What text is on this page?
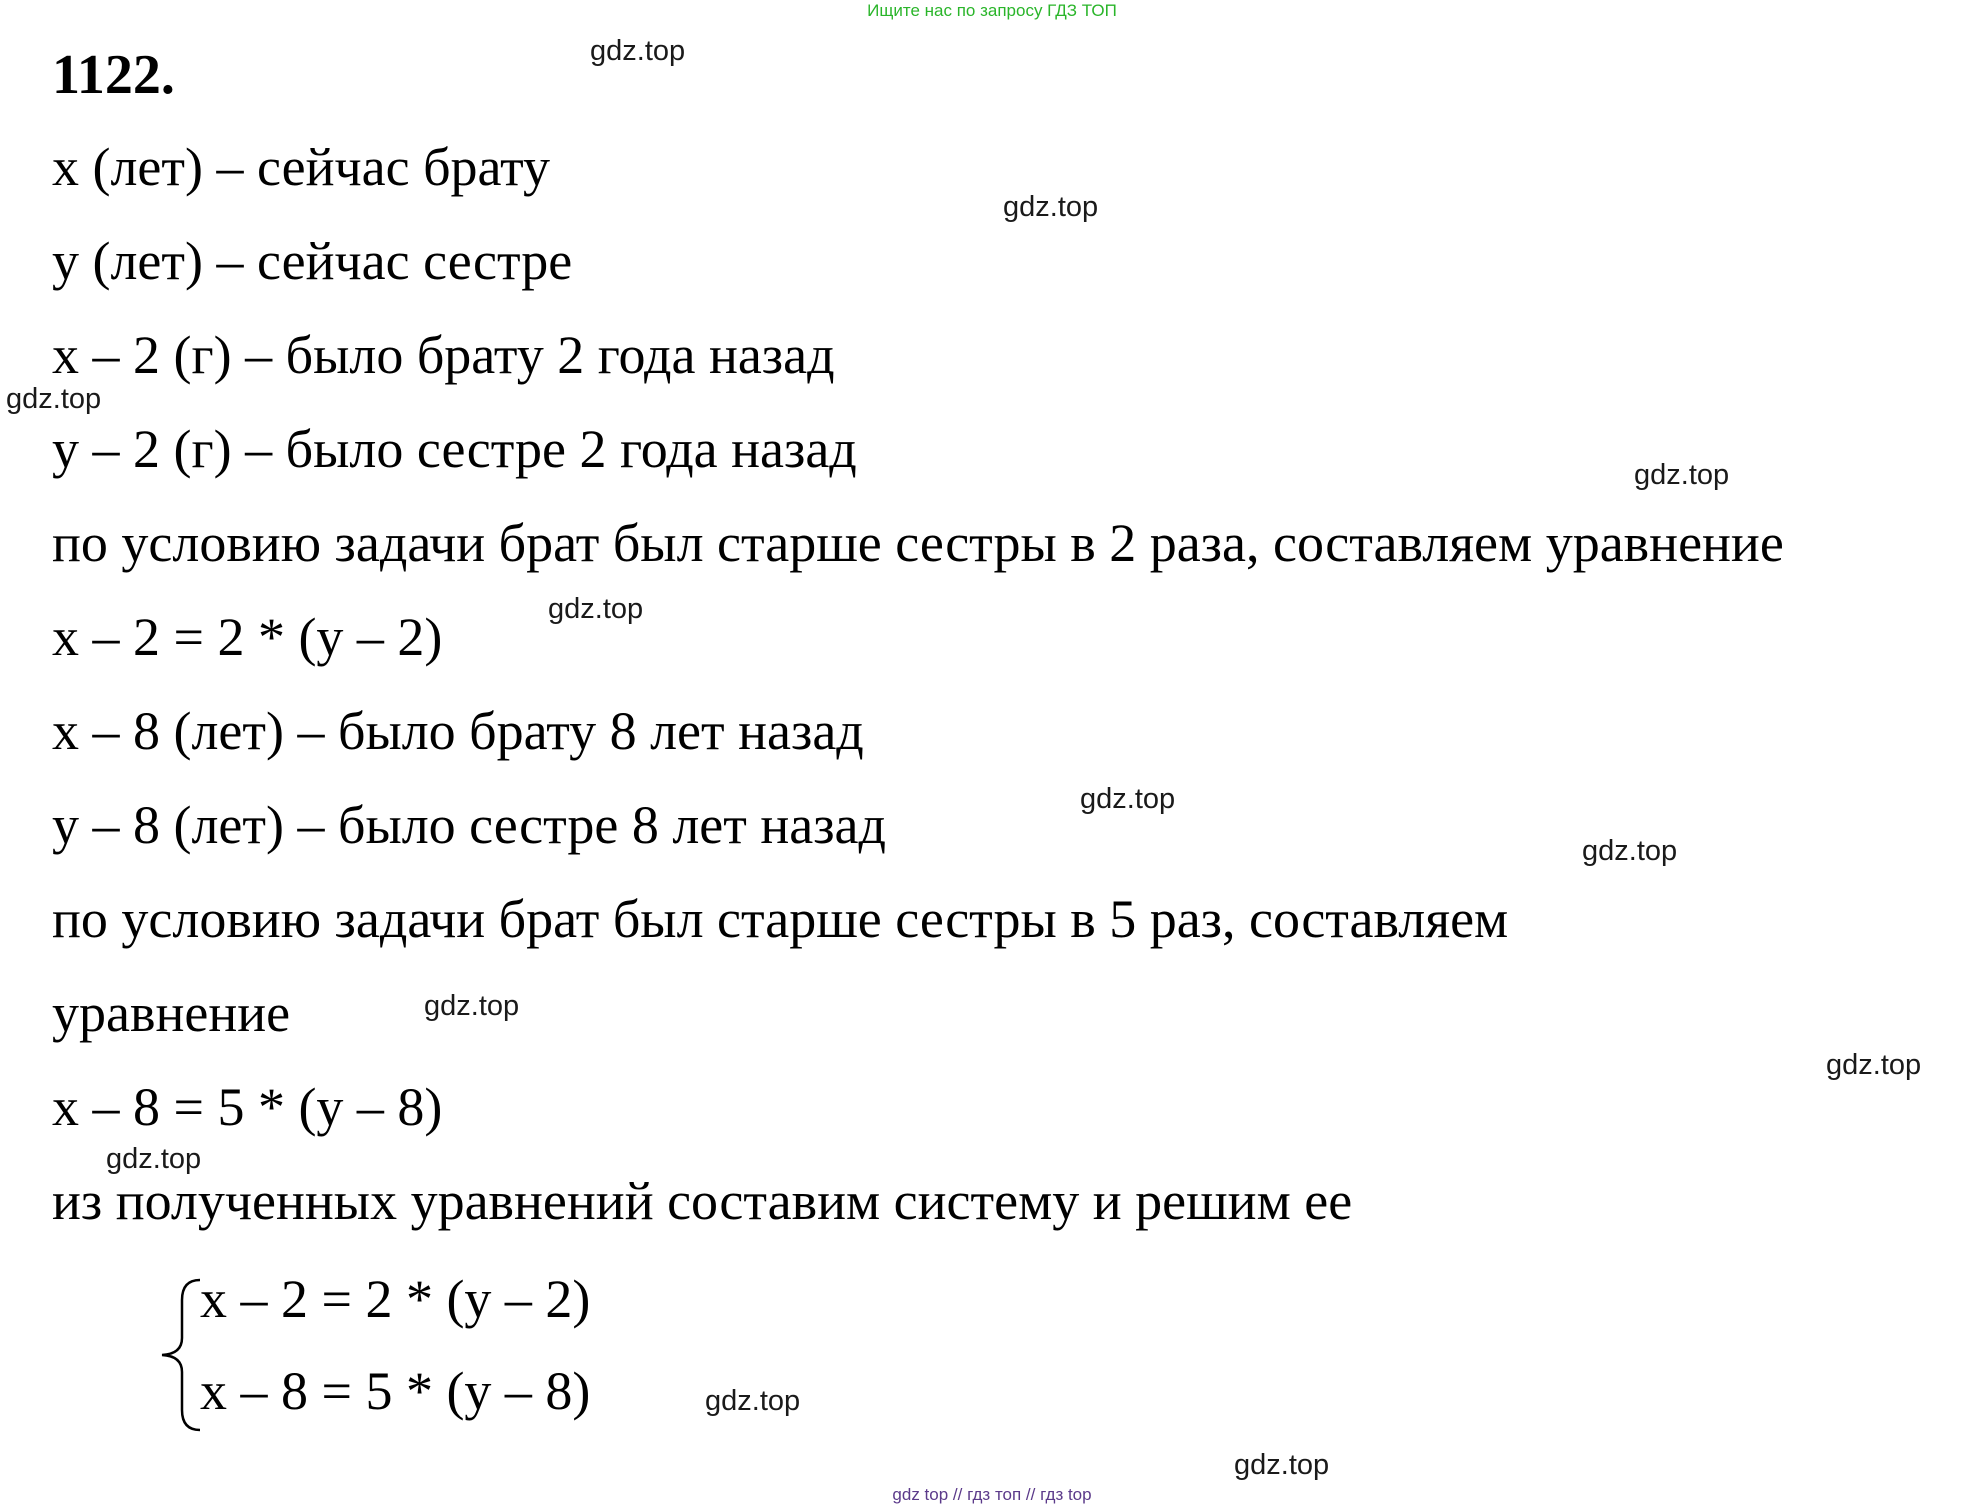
Ищите нас по запросу ГДЗ ТОП
1122.
x (лет) – сейчас брату
y (лет) – сейчас сестре
x – 2 (г) – было брату 2 года назад
y – 2 (г) – было сестре 2 года назад
по условию задачи брат был старше сестры в 2 раза, составляем уравнение
x – 2 = 2 * (y – 2)
x – 8 (лет) – было брату 8 лет назад
y – 8 (лет) – было сестре 8 лет назад
по условию задачи брат был старше сестры в 5 раз, составляем
уравнение
x – 8 = 5 * (y – 8)
из полученных уравнений составим систему и решим ее
x – 2 = 2 * (y – 2)
x – 8 = 5 * (y – 8)
gdz.top
gdz.top
gdz.top
gdz.top
gdz.top
gdz.top
gdz.top
gdz.top
gdz.top
gdz.top
gdz.top
gdz.top
gdz top // гдз топ // гдз top
